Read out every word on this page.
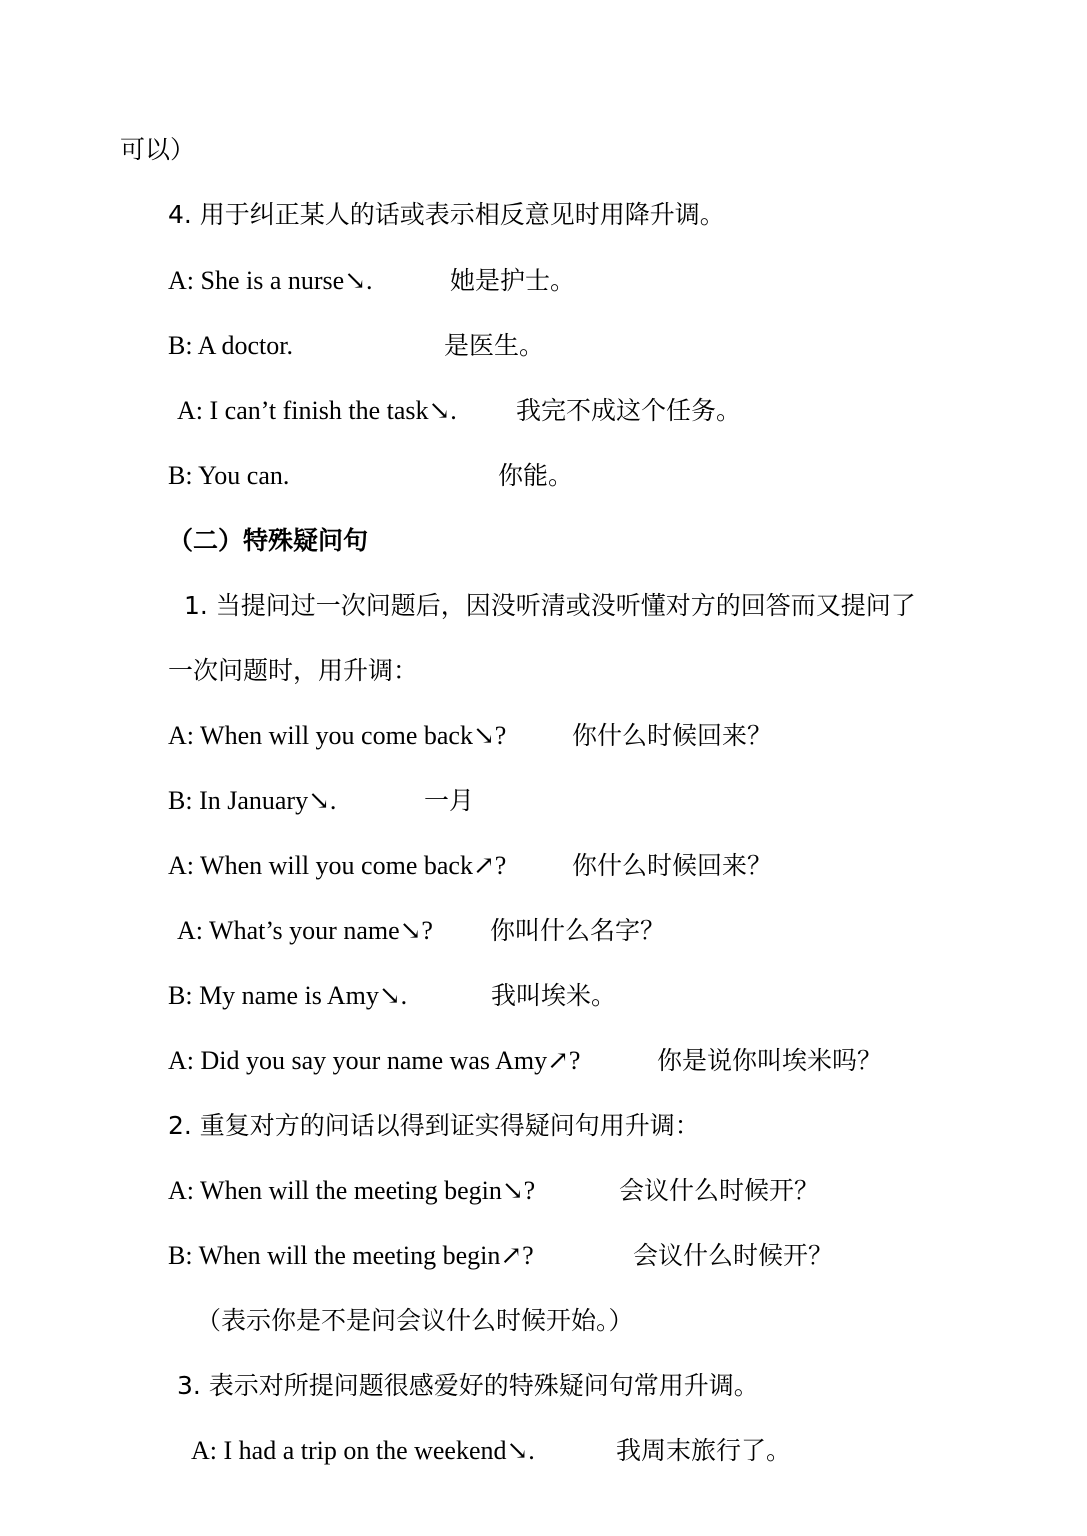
可以）
4. 用于纠正某人的话或表示相反意见时用降升调。
A: She is a nurse↘.	她是护士。
B: A doctor.	是医生。
A: I can’t finish the task↘. 我完不成这个任务。
B: You can.	你能。
（二）特殊疑问句
1. 当提问过一次问题后，因没听清或没听懂对方的回答而又提问了
一次问题时，用升调：
A: When will you come back↘?	你什么时候回来？
B: In January↘.	一月
A: When will you come back↗?	你什么时候回来？
A: What’s your name↘? 你叫什么名字？
B: My name is Amy↘.	我叫埃米。
A: Did you say your name was Amy↗?	你是说你叫埃米吗？
2. 重复对方的问话以得到证实得疑问句用升调：
A: When will the meeting begin↘?	会议什么时候开？
B: When will the meeting begin↗?	会议什么时候开？
（表示你是不是问会议什么时候开始。）
3. 表示对所提问题很感爱好的特殊疑问句常用升调。
A: I had a trip on the weekend↘.	我周末旅行了。
